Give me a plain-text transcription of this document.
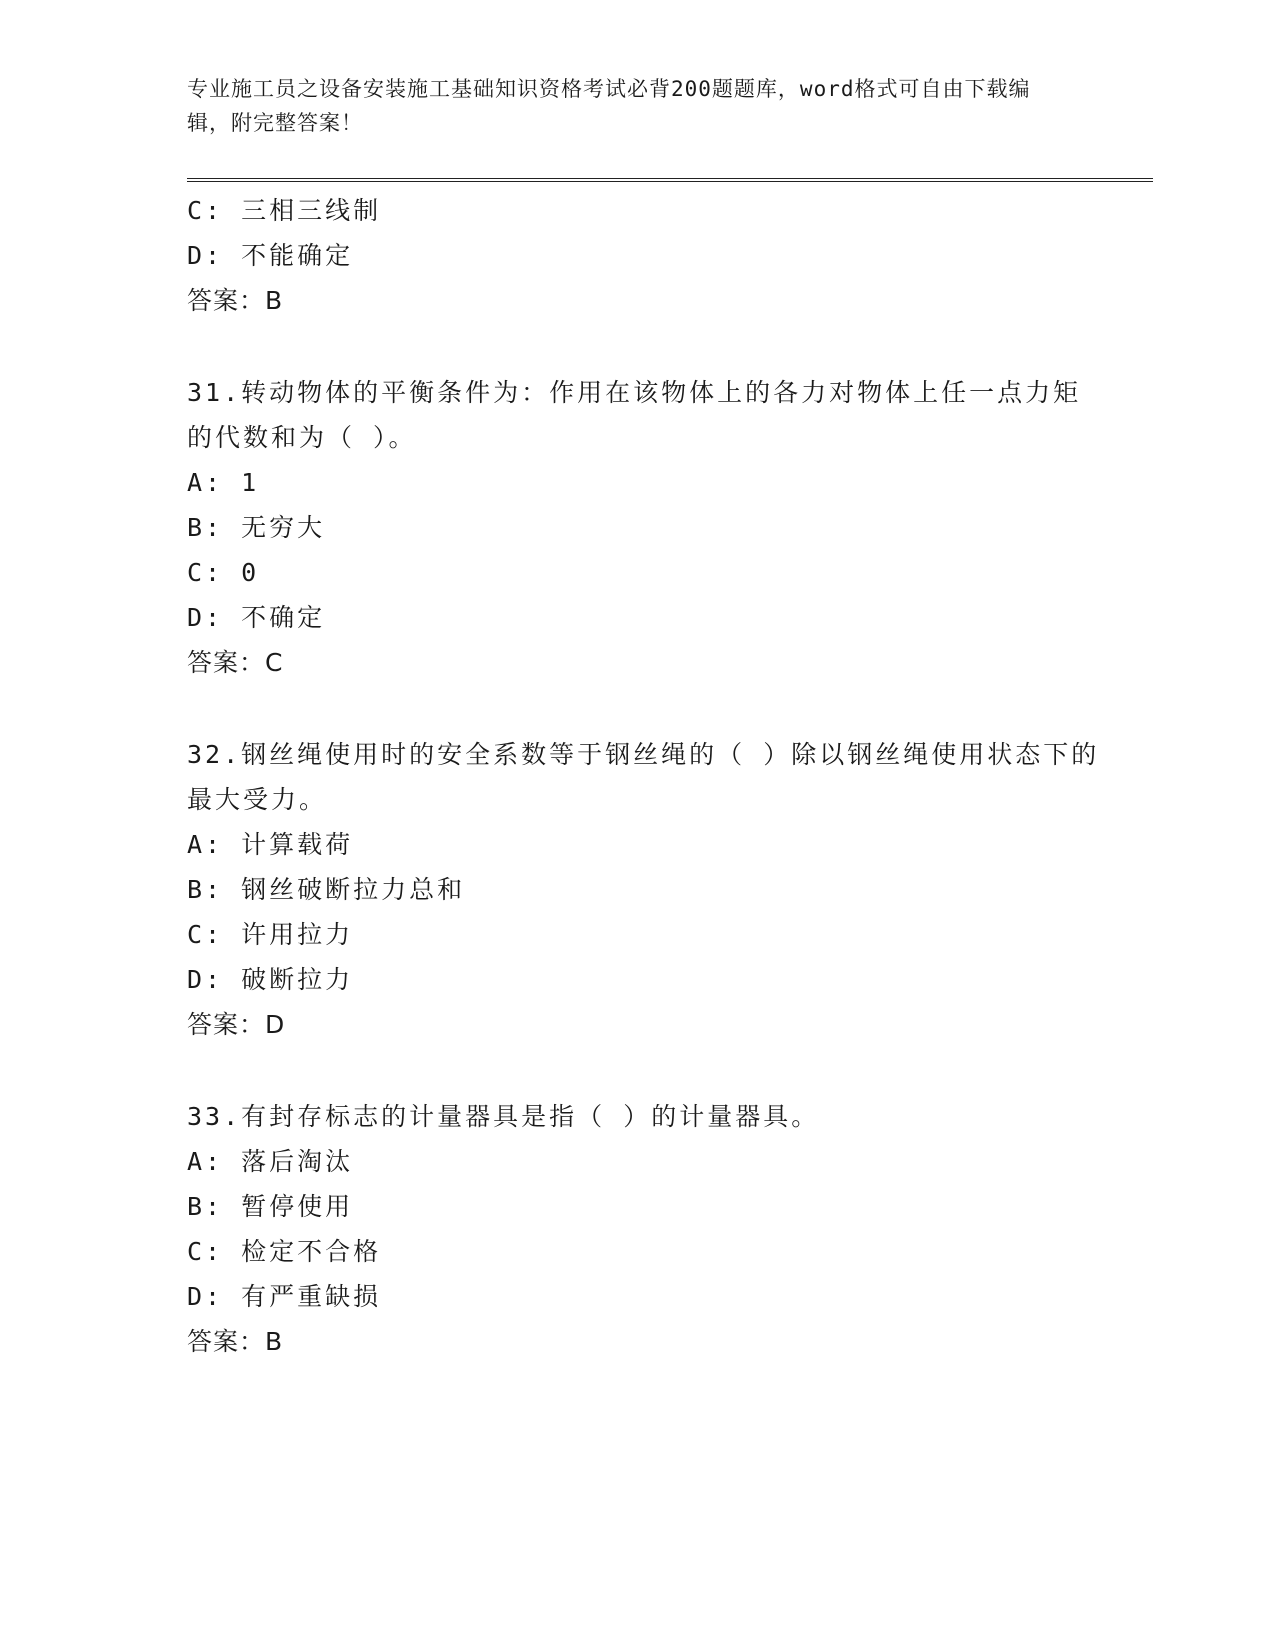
专业施工员之设备安装施工基础知识资格考试必背200题题库，word格式可自由下载编辑，附完整答案！
C: 三相三线制
D: 不能确定
答案：B
31.转动物体的平衡条件为：作用在该物体上的各力对物体上任一点力矩的代数和为（ ）。
A: 1
B: 无穷大
C: 0
D: 不确定
答案：C
32.钢丝绳使用时的安全系数等于钢丝绳的（ ）除以钢丝绳使用状态下的最大受力。
A: 计算载荷
B: 钢丝破断拉力总和
C: 许用拉力
D: 破断拉力
答案：D
33.有封存标志的计量器具是指（ ）的计量器具。
A: 落后淘汰
B: 暂停使用
C: 检定不合格
D: 有严重缺损
答案：B
